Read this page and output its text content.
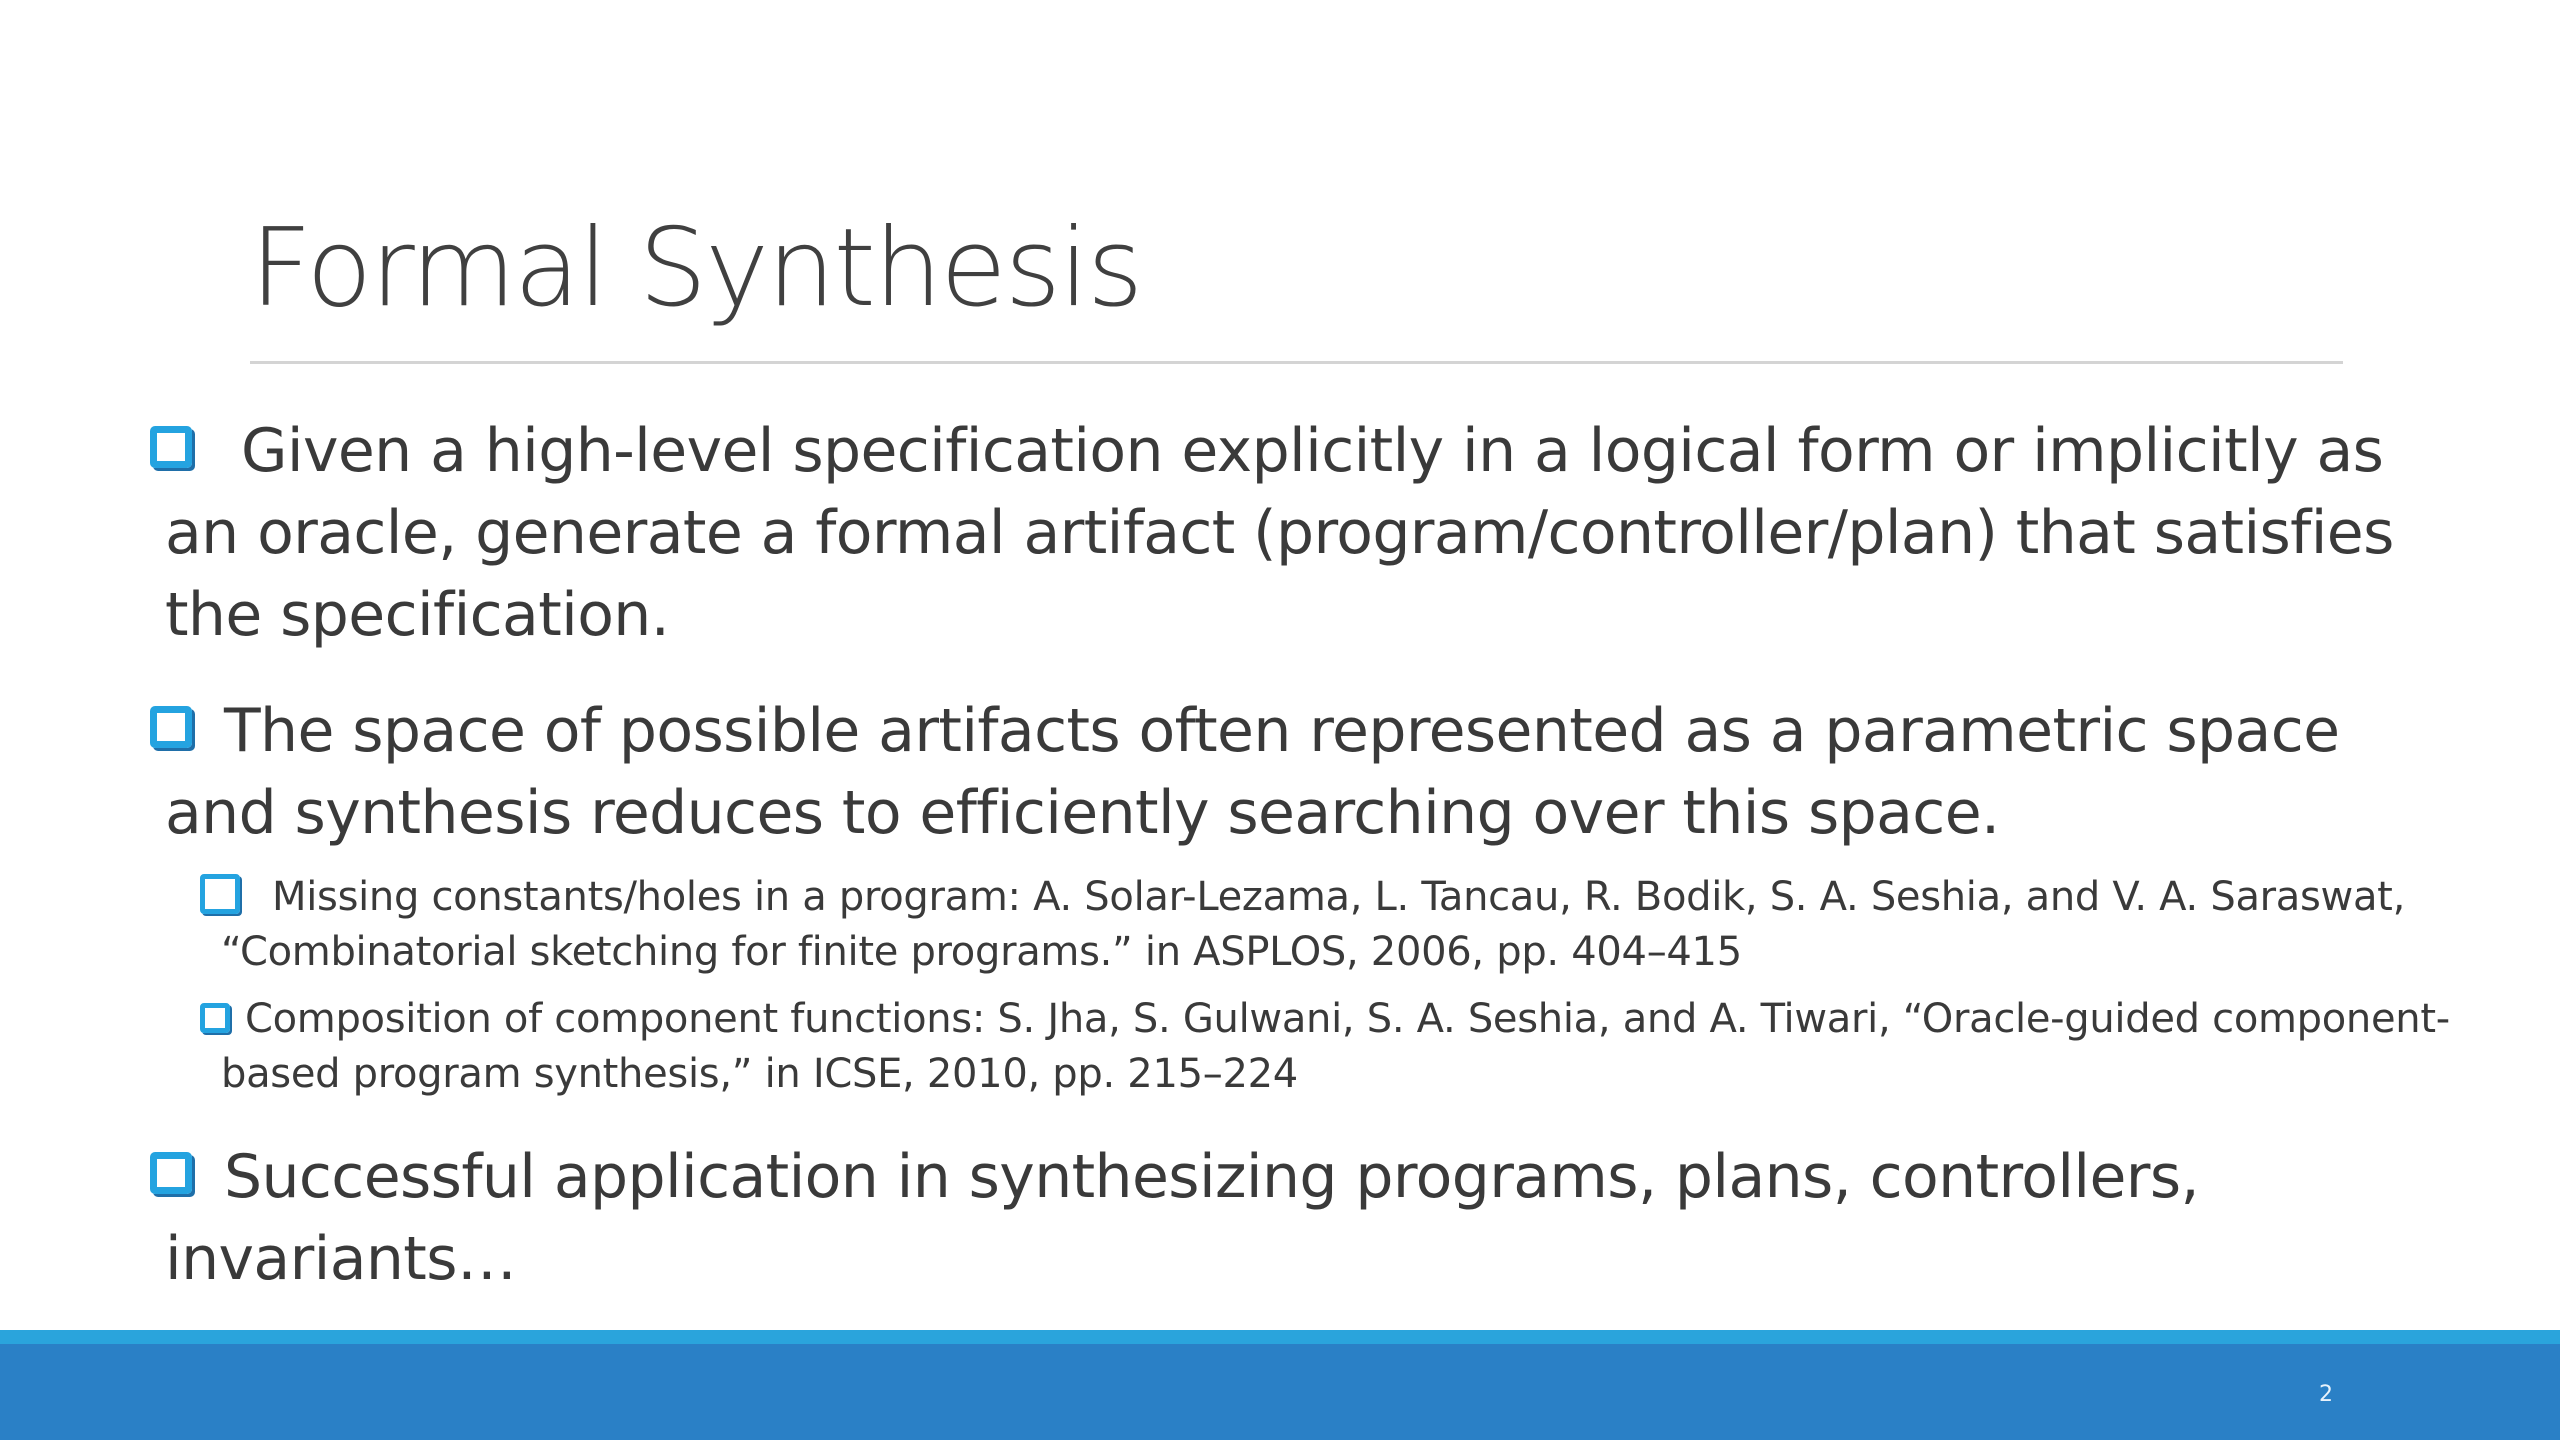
Formal Synthesis
Given a high-level specification explicitly in a logical form or implicitly as
an oracle, generate a formal artifact (program/controller/plan) that satisfies
the specification.
The space of possible artifacts often represented as a parametric space
and synthesis reduces to efficiently searching over this space.
Missing constants/holes in a program: A. Solar-Lezama, L. Tancau, R. Bodik, S. A. Seshia, and V. A. Saraswat,
“Combinatorial sketching for finite programs.” in ASPLOS, 2006, pp. 404–415
Composition of component functions: S. Jha, S. Gulwani, S. A. Seshia, and A. Tiwari, “Oracle-guided component-
based program synthesis,” in ICSE, 2010, pp. 215–224
Successful application in synthesizing programs, plans, controllers,
invariants…
2
